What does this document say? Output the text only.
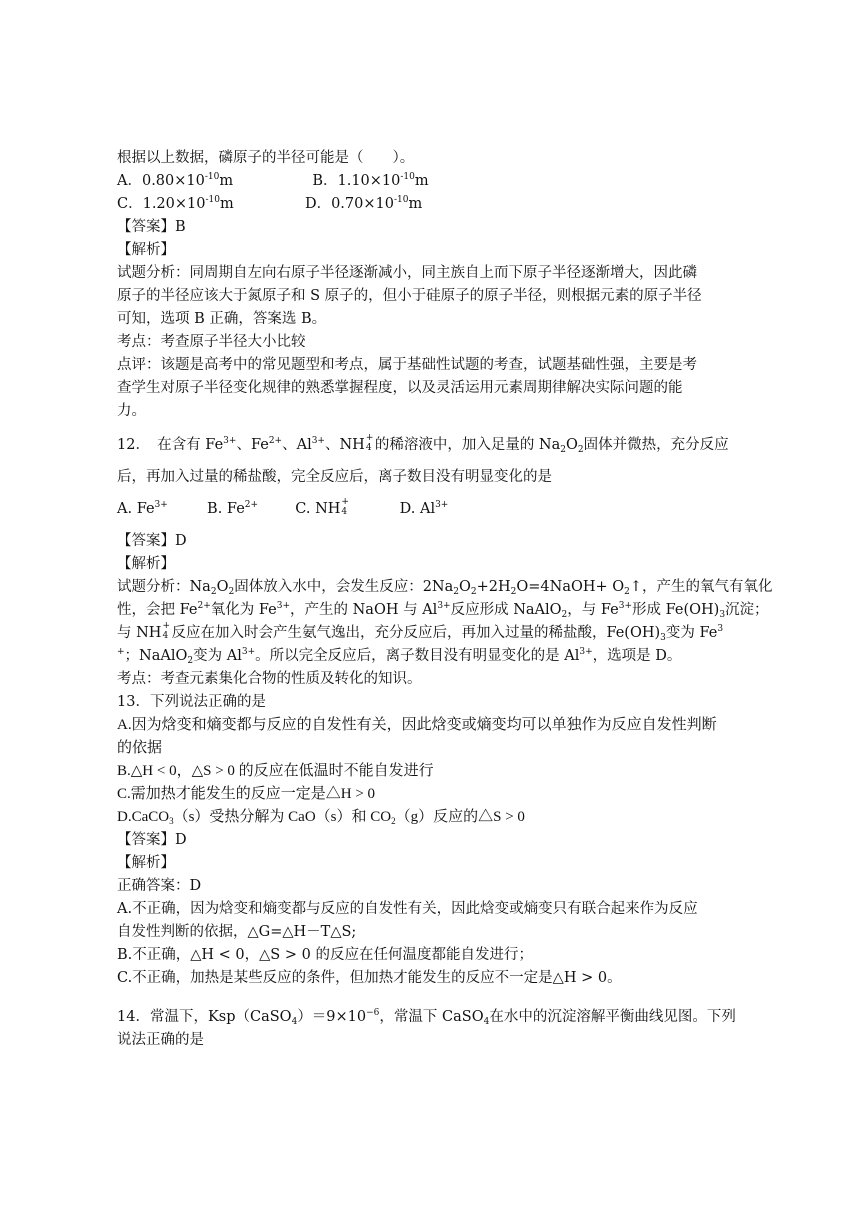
根据以上数据，磷原子的半径可能是（　　）。
A．$0.80\times 10^{-10}m$	B．$1.10\times 10^{-10}m$
C．$1.20\times 10^{-10}m$	D．$0.70\times 10^{-10}m$
【答案】B
【解析】
试题分析：同周期自左向右原子半径逐渐减小，同主族自上而下原子半径逐渐增大，因此磷
原子的半径应该大于氮原子和 S 原子的，但小于硅原子的原子半径，则根据元素的原子半径
可知，选项 B 正确，答案选 B。
考点：考查原子半径大小比较
点评：该题是高考中的常见题型和考点，属于基础性试题的考查，试题基础性强，主要是考
查学生对原子半径变化规律的熟悉掌握程度，以及灵活运用元素周期律解决实际问题的能
力。
12．　在含有 $Fe^{3+}$、$Fe^{2+}$、$Al^{3+}$、NH +
4 的稀溶液中，加入足量的 $Na_2O_2$固体并微热，充分反应
后，再加入过量的稀盐酸，完全反应后，离子数目没有明显变化的是
A. $Fe^{3+}$	B. $Fe^{2+}$	C. NH +
4	D. $Al^{3+}$
【答案】D
【解析】
试题分析：$Na_2O_2$固体放入水中，会发生反应：$2Na_2O_2+2H_2O=4NaOH+$ $O_2↑$，产生的氧气有氧化
性，会把 $Fe^{2+}$氧化为 $Fe^{3+}$，产生的 NaOH 与 $Al^{3+}$反应形成 NaAlO$_2$，与 $Fe^{3+}$形成 $Fe(OH)_3$沉淀；
与 NH +
4 反应在加入时会产生氨气逸出，充分反应后，再加入过量的稀盐酸，$Fe(OH)_3$变为 Fe$^3$
+；NaAlO$_2$变为 $Al^{3+}$。所以完全反应后，离子数目没有明显变化的是 $Al^{3+}$，选项是 D。
考点：考查元素集化合物的性质及转化的知识。
13．下列说法正确的是
A.因为焓变和熵变都与反应的自发性有关，因此焓变或熵变均可以单独作为反应自发性判断
的依据
B.△H < 0，△S > 0 的反应在低温时不能自发进行
C.需加热才能发生的反应一定是△H > 0
D.CaCO$_3$（s）受热分解为 CaO（s）和 $CO_2(g)$反应的△S > 0
【答案】D
【解析】
正确答案：D
A.不正确，因为焓变和熵变都与反应的自发性有关，因此焓变或熵变只有联合起来作为反应
自发性判断的依据，△G=△H－T△S;
B.不正确，△H < 0，△S > 0 的反应在任何温度都能自发进行；
C.不正确，加热是某些反应的条件，但加热才能发生的反应不一定是△H > 0。
14．常温下，$Ksp(CaSO_4)=9\times 10^{-6}$，常温下 CaSO$_4$在水中的沉淀溶解平衡曲线见图。下列
说法正确的是
